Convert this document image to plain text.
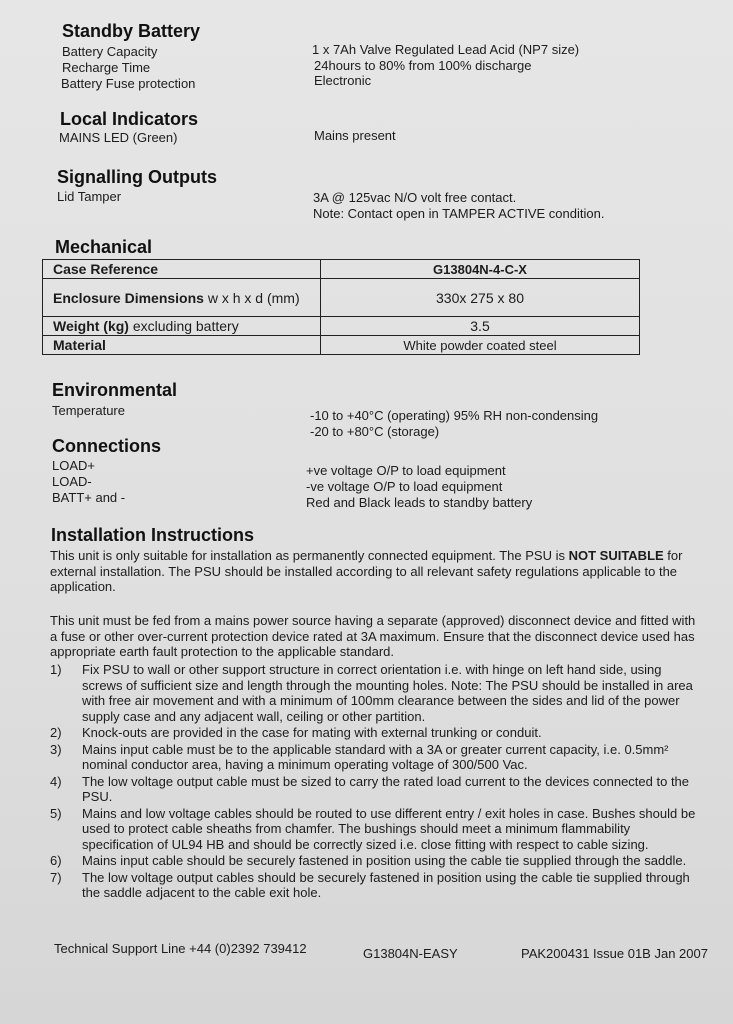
Standby Battery
Battery Capacity	1 x 7Ah Valve Regulated Lead Acid (NP7 size)
Recharge Time	24hours to 80% from 100% discharge
Battery Fuse protection	Electronic
Local Indicators
MAINS LED (Green)	Mains present
Signalling Outputs
Lid Tamper	3A @ 125vac N/O volt free contact.
Note: Contact open in TAMPER ACTIVE condition.
Mechanical
Case Reference	G13804N-4-C-X
Enclosure Dimensions w x h x d (mm)	330x 275 x 80
Weight (kg) excluding battery	3.5
Material	White powder coated steel
Environmental
Temperature	-10 to +40°C (operating) 95% RH non-condensing
-20 to +80°C (storage)
Connections
LOAD+	+ve voltage O/P to load equipment
LOAD-	-ve voltage O/P to load equipment
BATT+ and -	Red and Black leads to standby battery
Installation Instructions
This unit is only suitable for installation as permanently connected equipment. The PSU is NOT SUITABLE for external installation. The PSU should be installed according to all relevant safety regulations applicable to the application.
This unit must be fed from a mains power source having a separate (approved) disconnect device and fitted with a fuse or other over-current protection device rated at 3A maximum. Ensure that the disconnect device used has appropriate earth fault protection to the applicable standard.
1) Fix PSU to wall or other support structure in correct orientation i.e. with hinge on left hand side, using screws of sufficient size and length through the mounting holes. Note: The PSU should be installed in area with free air movement and with a minimum of 100mm clearance between the sides and lid of the power supply case and any adjacent wall, ceiling or other partition.
2) Knock-outs are provided in the case for mating with external trunking or conduit.
3) Mains input cable must be to the applicable standard with a 3A or greater current capacity, i.e. 0.5mm² nominal conductor area, having a minimum operating voltage of 300/500 Vac.
4) The low voltage output cable must be sized to carry the rated load current to the devices connected to the PSU.
5) Mains and low voltage cables should be routed to use different entry / exit holes in case. Bushes should be used to protect cable sheaths from chamfer. The bushings should meet a minimum flammability specification of UL94 HB and should be correctly sized i.e. close fitting with respect to cable sizing.
6) Mains input cable should be securely fastened in position using the cable tie supplied through the saddle.
7) The low voltage output cables should be securely fastened in position using the cable tie supplied through the saddle adjacent to the cable exit hole.
Technical Support Line +44 (0)2392 739412	G13804N-EASY	PAK200431 Issue 01B Jan 2007
